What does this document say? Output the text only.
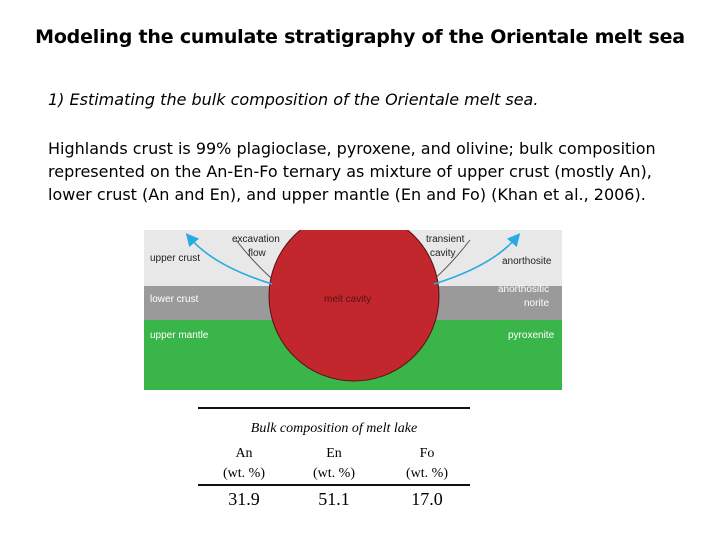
Modeling the cumulate stratigraphy of the Orientale melt sea
1) Estimating the bulk composition of the Orientale melt sea.
Highlands crust is 99% plagioclase, pyroxene, and olivine; bulk composition
represented on the An-En-Fo ternary as mixture of upper crust (mostly An),
lower crust (An and En), and upper mantle (En and Fo) (Khan et al., 2006).
upper crust
lower crust
upper mantle
excavation
flow
transient
cavity
melt cavity
anorthosite
anorthositic
norite
pyroxenite
Bulk composition of melt lake
An
(wt. %)
En
(wt. %)
Fo
(wt. %)
31.9	51.1	17.0
